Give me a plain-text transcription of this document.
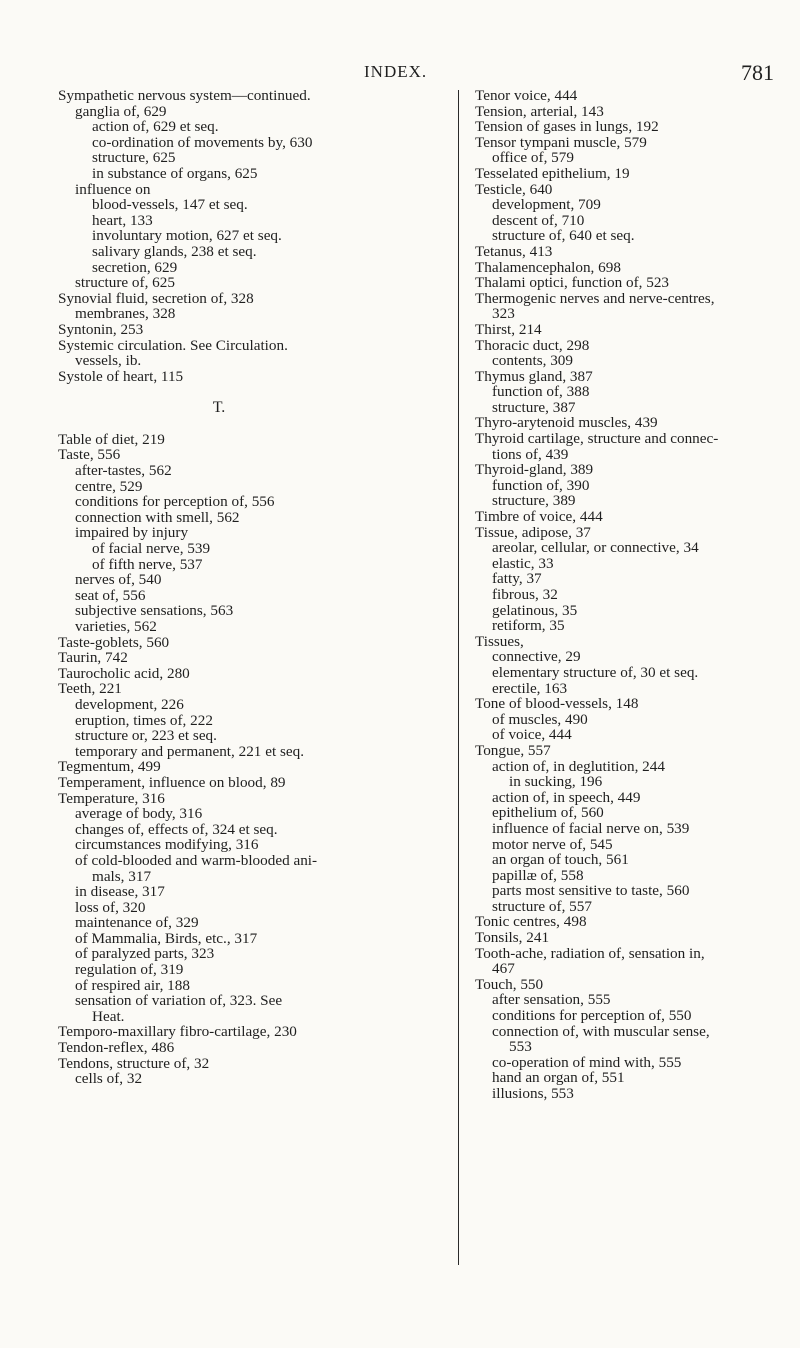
INDEX.	781
Sympathetic nervous system—continued.
ganglia of, 629
action of, 629 et seq.
co-ordination of movements by, 630
structure, 625
in substance of organs, 625
influence on
blood-vessels, 147 et seq.
heart, 133
involuntary motion, 627 et seq.
salivary glands, 238 et seq.
secretion, 629
structure of, 625
Synovial fluid, secretion of, 328
membranes, 328
Syntonin, 253
Systemic circulation. See Circulation.
vessels, ib.
Systole of heart, 115
T.
Table of diet, 219
Taste, 556
after-tastes, 562
centre, 529
conditions for perception of, 556
connection with smell, 562
impaired by injury
of facial nerve, 539
of fifth nerve, 537
nerves of, 540
seat of, 556
subjective sensations, 563
varieties, 562
Taste-goblets, 560
Taurin, 742
Taurocholic acid, 280
Teeth, 221
development, 226
eruption, times of, 222
structure or, 223 et seq.
temporary and permanent, 221 et seq.
Tegmentum, 499
Temperament, influence on blood, 89
Temperature, 316
average of body, 316
changes of, effects of, 324 et seq.
circumstances modifying, 316
of cold-blooded and warm-blooded ani-
mals, 317
in disease, 317
loss of, 320
maintenance of, 329
of Mammalia, Birds, etc., 317
of paralyzed parts, 323
regulation of, 319
of respired air, 188
sensation of variation of, 323. See
Heat.
Temporo-maxillary fibro-cartilage, 230
Tendon-reflex, 486
Tendons, structure of, 32
cells of, 32
Tenor voice, 444
Tension, arterial, 143
Tension of gases in lungs, 192
Tensor tympani muscle, 579
office of, 579
Tesselated epithelium, 19
Testicle, 640
development, 709
descent of, 710
structure of, 640 et seq.
Tetanus, 413
Thalamencephalon, 698
Thalami optici, function of, 523
Thermogenic nerves and nerve-centres,
323
Thirst, 214
Thoracic duct, 298
contents, 309
Thymus gland, 387
function of, 388
structure, 387
Thyro-arytenoid muscles, 439
Thyroid cartilage, structure and connec-
tions of, 439
Thyroid-gland, 389
function of, 390
structure, 389
Timbre of voice, 444
Tissue, adipose, 37
areolar, cellular, or connective, 34
elastic, 33
fatty, 37
fibrous, 32
gelatinous, 35
retiform, 35
Tissues,
connective, 29
elementary structure of, 30 et seq.
erectile, 163
Tone of blood-vessels, 148
of muscles, 490
of voice, 444
Tongue, 557
action of, in deglutition, 244
in sucking, 196
action of, in speech, 449
epithelium of, 560
influence of facial nerve on, 539
motor nerve of, 545
an organ of touch, 561
papillæ of, 558
parts most sensitive to taste, 560
structure of, 557
Tonic centres, 498
Tonsils, 241
Tooth-ache, radiation of, sensation in,
467
Touch, 550
after sensation, 555
conditions for perception of, 550
connection of, with muscular sense,
553
co-operation of mind with, 555
hand an organ of, 551
illusions, 553
